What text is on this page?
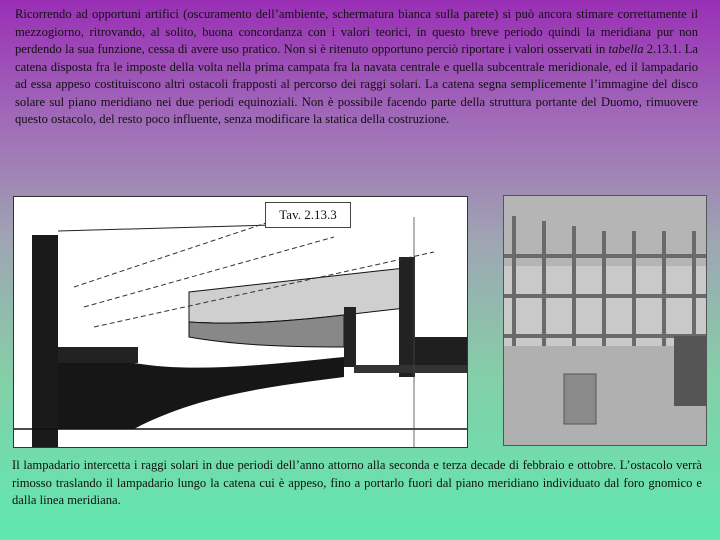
Ricorrendo ad opportuni artifici (oscuramento dell’ambiente, schermatura bianca sulla parete) si può ancora stimare correttamente il mezzogiorno, ritrovando, al solito, buona concordanza con i valori teorici, in questo breve periodo quindi la meridiana pur non perdendo la sua funzione, cessa di avere uso pratico. Non si è ritenuto opportuno perciò riportare i valori osservati in tabella 2.13.1. La catena disposta fra le imposte della volta nella prima campata fra la navata centrale e quella subcentrale meridionale, ed il lampadario ad essa appeso costituiscono altri ostacoli frapposti al percorso dei raggi solari. La catena segna semplicemente l’immagine del disco solare sul piano meridiano nei due periodi equinoziali. Non è possibile facendo parte della struttura portante del Duomo, rimuovere questo ostacolo, del resto poco influente, senza modificare la statica della costruzione.

Tav. 2.13.3

Il lampadario intercetta i raggi solari in due periodi dell’anno attorno alla seconda e terza decade di febbraio e ottobre. L’ostacolo verrà rimosso traslando il lampadario lungo la catena cui è appeso, fino a portarlo fuori dal piano meridiano individuato dal foro gnomico e dalla linea meridiana.
